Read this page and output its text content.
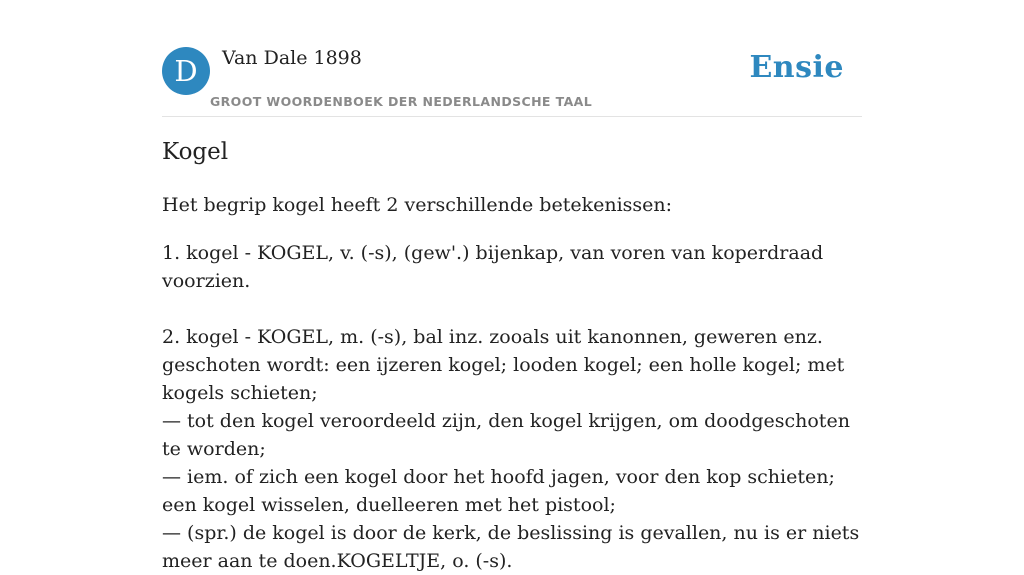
D	Van Dale 1898
GROOT WOORDENBOEK DER NEDERLANDSCHE TAAL
Ensie
Kogel
Het begrip kogel heeft 2 verschillende betekenissen:

1. kogel - KOGEL, v. (-s), (gew'.) bijenkap, van voren van koperdraad voorzien.

2. kogel - KOGEL, m. (-s), bal inz. zooals uit kanonnen, geweren enz. geschoten wordt: een ijzeren kogel; looden kogel; een holle kogel; met kogels schieten;

— tot den kogel veroordeeld zijn, den kogel krijgen, om doodgeschoten te worden;

— iem. of zich een kogel door het hoofd jagen, voor den kop schieten; een kogel wisselen, duelleeren met het pistool;

— (spr.) de kogel is door de kerk, de beslissing is gevallen, nu is er niets meer aan te doen.KOGELTJE, o. (-s).
